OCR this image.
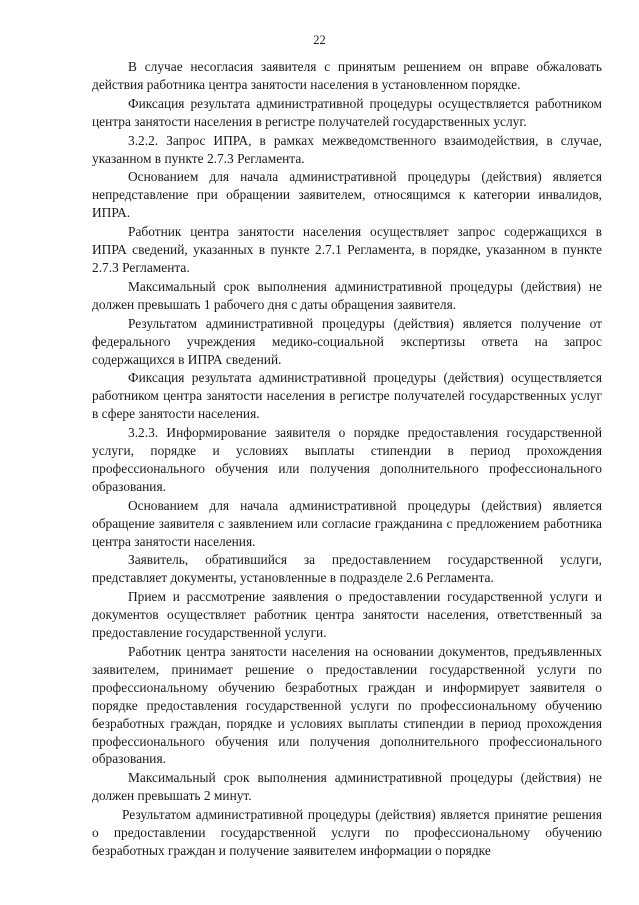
22

В случае несогласия заявителя с принятым решением он вправе обжаловать действия работника центра занятости населения в установленном порядке.

Фиксация результата административной процедуры осуществляется работником центра занятости населения в регистре получателей государственных услуг.

3.2.2. Запрос ИПРА, в рамках межведомственного взаимодействия, в случае, указанном в пункте 2.7.3 Регламента.

Основанием для начала административной процедуры (действия) является непредставление при обращении заявителем, относящимся к категории инвалидов, ИПРА.

Работник центра занятости населения осуществляет запрос содержащихся в ИПРА сведений, указанных в пункте 2.7.1 Регламента, в порядке, указанном в пункте 2.7.3 Регламента.

Максимальный срок выполнения административной процедуры (действия) не должен превышать 1 рабочего дня с даты обращения заявителя.

Результатом административной процедуры (действия) является получение от федерального учреждения медико-социальной экспертизы ответа на запрос содержащихся в ИПРА сведений.

Фиксация результата административной процедуры (действия) осуществляется работником центра занятости населения в регистре получателей государственных услуг в сфере занятости населения.

3.2.3. Информирование заявителя о порядке предоставления государственной услуги, порядке и условиях выплаты стипендии в период прохождения профессионального обучения или получения дополнительного профессионального образования.

Основанием для начала административной процедуры (действия) является обращение заявителя с заявлением или согласие гражданина с предложением работника центра занятости населения.

Заявитель, обратившийся за предоставлением государственной услуги, представляет документы, установленные в подразделе 2.6 Регламента.

Прием и рассмотрение заявления о предоставлении государственной услуги и документов осуществляет работник центра занятости населения, ответственный за предоставление государственной услуги.

Работник центра занятости населения на основании документов, предъявленных заявителем, принимает решение о предоставлении государственной услуги по профессиональному обучению безработных граждан и информирует заявителя о порядке предоставления государственной услуги по профессиональному обучению безработных граждан, порядке и условиях выплаты стипендии в период прохождения профессионального обучения или получения дополнительного профессионального образования.

Максимальный срок выполнения административной процедуры (действия) не должен превышать 2 минут.

Результатом административной процедуры (действия) является принятие решения о предоставлении государственной услуги по профессиональному обучению безработных граждан и получение заявителем информации о порядке
